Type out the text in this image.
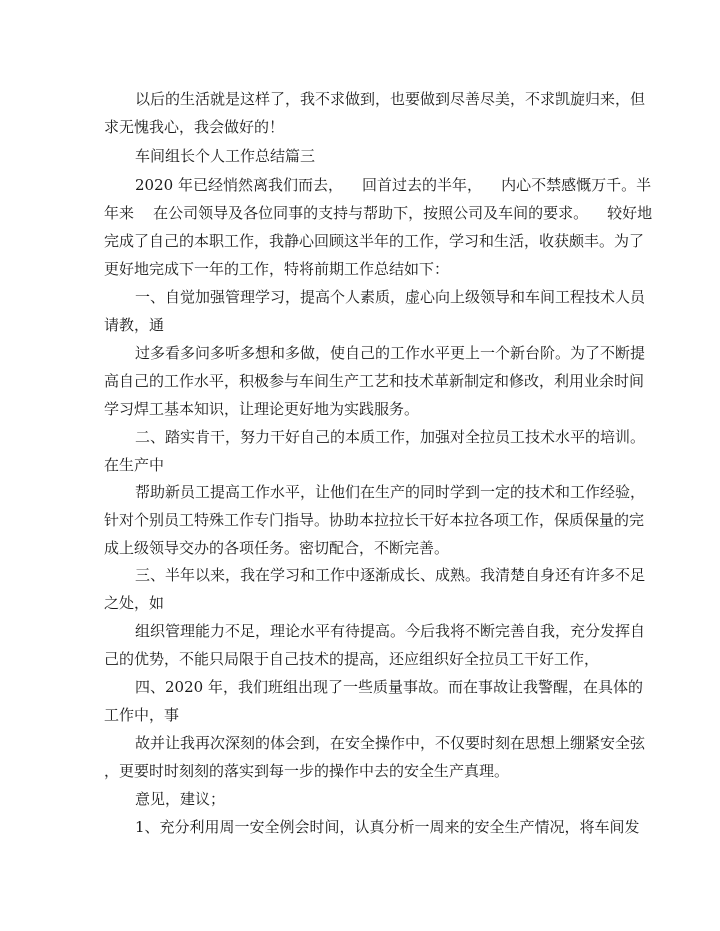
以后的生活就是这样了，我不求做到，也要做到尽善尽美，不求凯旋归来，但
求无愧我心，我会做好的！
车间组长个人工作总结篇三
2020 年已经悄然离我们而去，    回首过去的半年，    内心不禁感慨万千。半
年来    在公司领导及各位同事的支持与帮助下，按照公司及车间的要求。    较好地
完成了自己的本职工作，我静心回顾这半年的工作，学习和生活，收获颇丰。为了
更好地完成下一年的工作，特将前期工作总结如下：
一、自觉加强管理学习，提高个人素质，虚心向上级领导和车间工程技术人员
请教，通
过多看多问多听多想和多做，使自己的工作水平更上一个新台阶。为了不断提
高自己的工作水平，积极参与车间生产工艺和技术革新制定和修改，利用业余时间
学习焊工基本知识，让理论更好地为实践服务。
二、踏实肯干，努力干好自己的本质工作，加强对全拉员工技术水平的培训。
在生产中
帮助新员工提高工作水平，让他们在生产的同时学到一定的技术和工作经验，
针对个别员工特殊工作专门指导。协助本拉拉长干好本拉各项工作，保质保量的完
成上级领导交办的各项任务。密切配合，不断完善。
三、半年以来，我在学习和工作中逐渐成长、成熟。我清楚自身还有许多不足
之处，如
组织管理能力不足，理论水平有待提高。今后我将不断完善自我，充分发挥自
己的优势，不能只局限于自己技术的提高，还应组织好全拉员工干好工作，
四、2020 年，我们班组出现了一些质量事故。而在事故让我警醒，在具体的
工作中，事
故并让我再次深刻的体会到，在安全操作中，不仅要时刻在思想上绷紧安全弦
，更要时时刻刻的落实到每一步的操作中去的安全生产真理。
意见，建议；
1、充分利用周一安全例会时间，认真分析一周来的安全生产情况，将车间发
